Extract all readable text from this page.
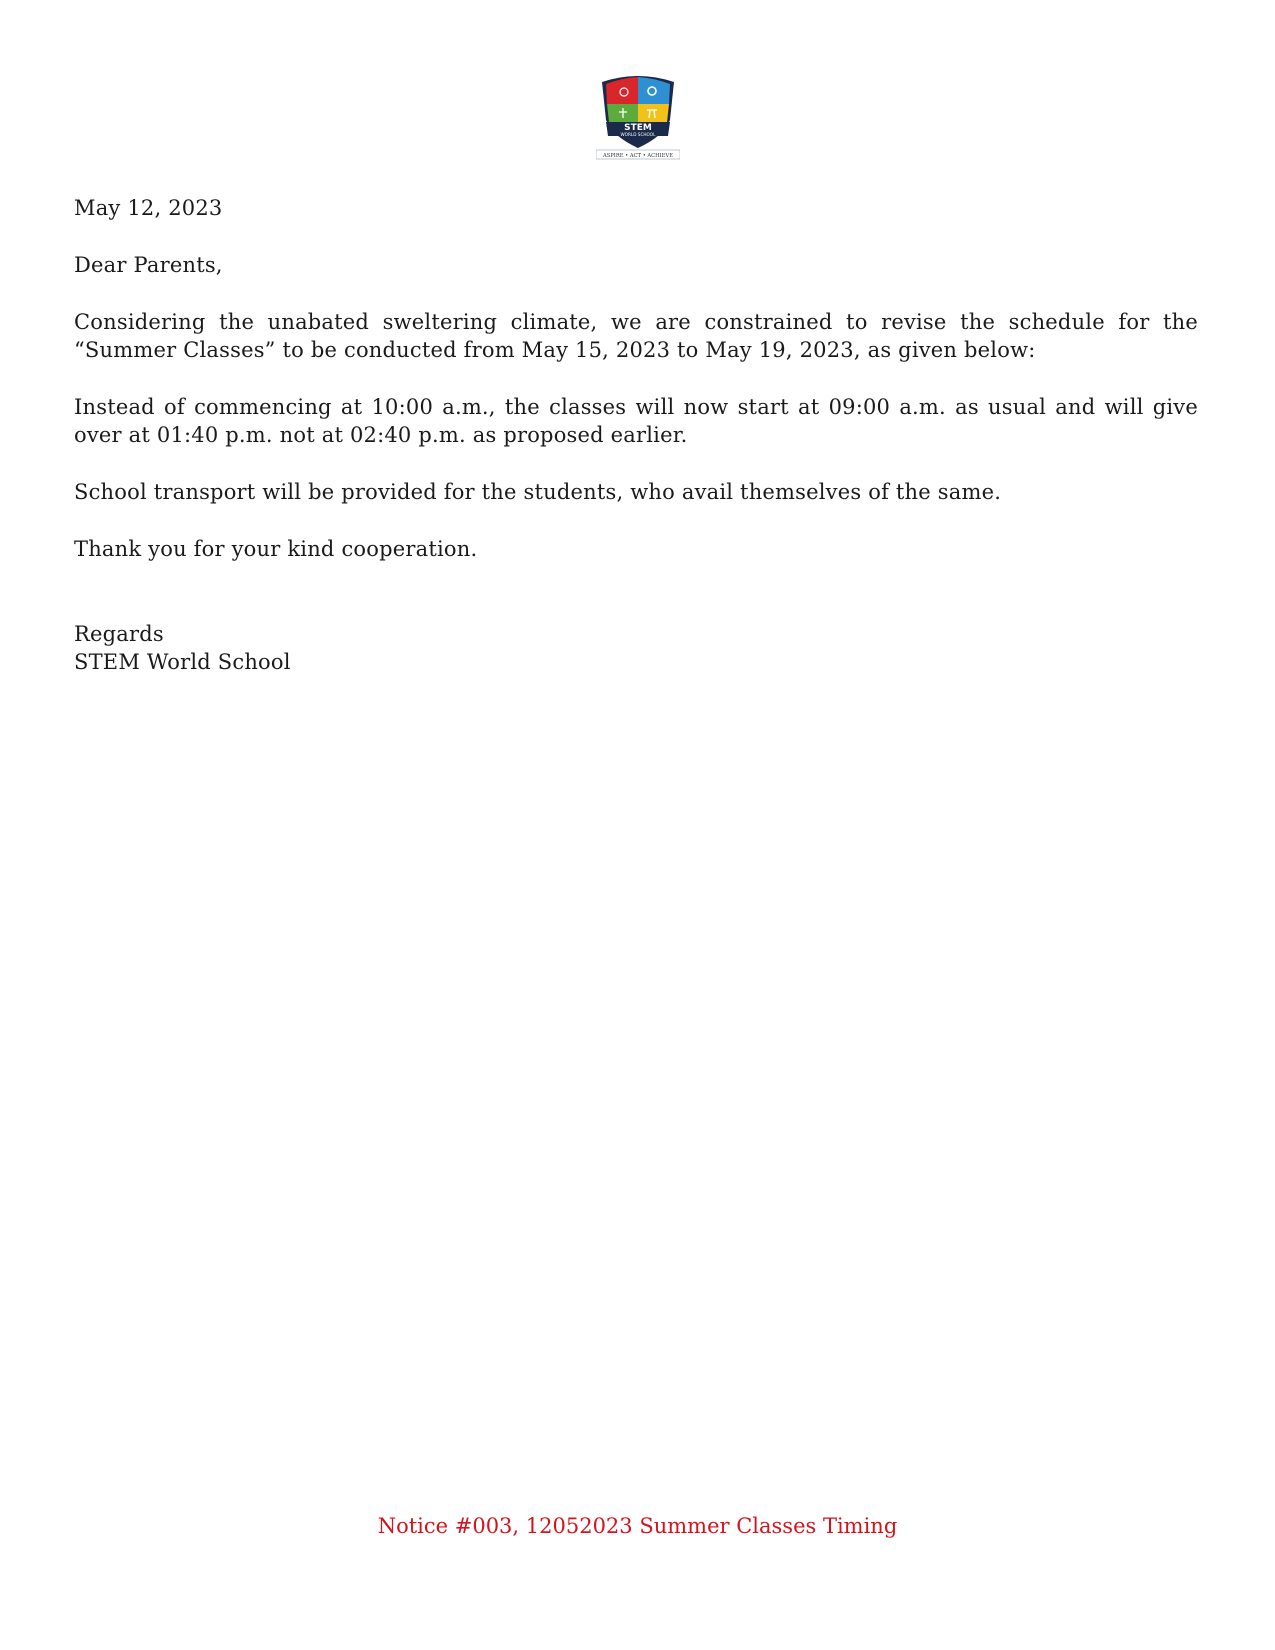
STEM
WORLD SCHOOL
ASPIRE • ACT • ACHIEVE

May 12, 2023

Dear Parents,

Considering the unabated sweltering climate, we are constrained to revise the schedule for the “Summer Classes” to be conducted from May 15, 2023 to May 19, 2023, as given below:

Instead of commencing at 10:00 a.m., the classes will now start at 09:00 a.m. as usual and will give over at 01:40 p.m. not at 02:40 p.m. as proposed earlier.

School transport will be provided for the students, who avail themselves of the same.

Thank you for your kind cooperation.

Regards

STEM World School

Notice #003, 12052023 Summer Classes Timing
